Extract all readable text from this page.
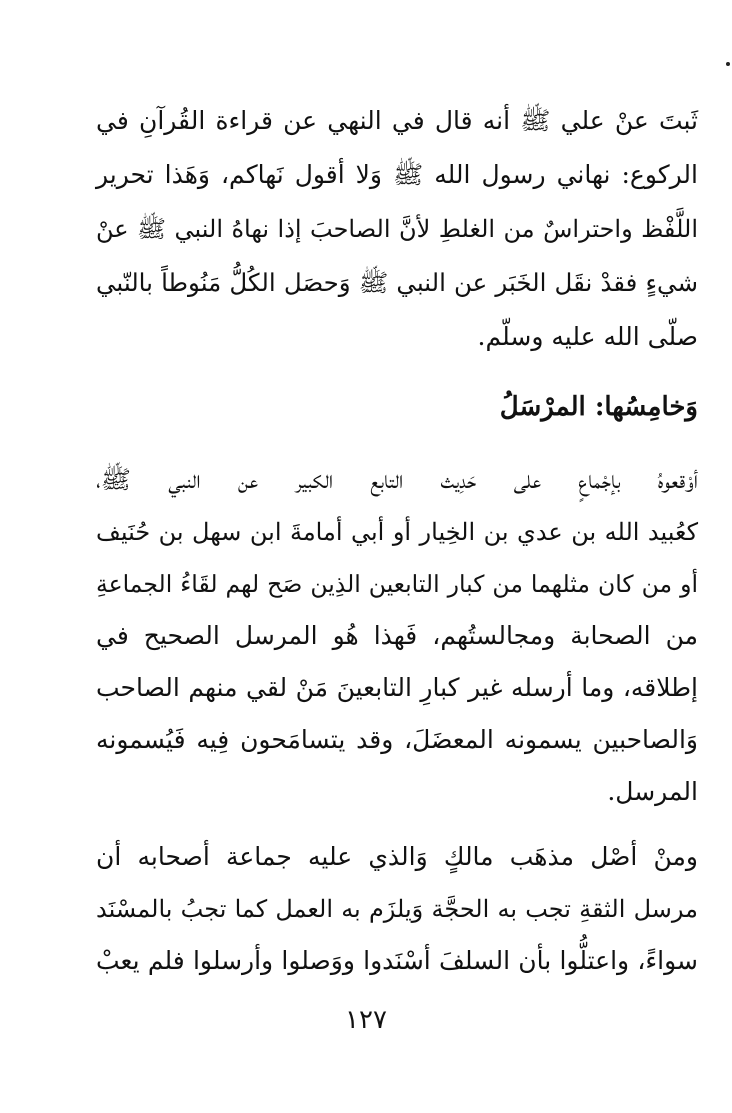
ثَبتَ عنْ علي ﷺ أنه قال في النهي عن قراءة القُرآنِ في
الركوع: نهاني رسول الله ﷺ وَلا أقول نَهاكم، وَهَذا تحرير
اللَّفْظ واحتراسٌ من الغلطِ لأنَّ الصاحبَ إذا نهاهُ النبي ﷺ عنْ
شيءٍ فقدْ نقَل الخَبَر عن النبي ﷺ وَحصَل الكُلُّ مَنُوطاً بالنّبي
صلّى الله عليه وسلّم.
وَخامِسُها: المرْسَلُ
أوْقعوهُ بإجْماعٍ على حَدِيث التابع الكبير عن النبي ﷺ،
كعُبيد الله بن عدي بن الخِيار أو أبي أمامةَ ابن سهل بن حُنَيف
أو من كان مثلهما من كبار التابعين الذِين صَح لهم لقَاءُ الجماعةِ
من الصحابة ومجالستُهم، فَهذا هُو المرسل الصحيح في
إطلاقه، وما أرسله غير كبارِ التابعينَ مَنْ لقي منهم الصاحب
وَالصاحبين يسمونه المعضَلَ، وقد يتسامَحون فِيه فَيُسمونه
المرسل.
ومنْ أصْل مذهَب مالكٍ وَالذي عليه جماعة أصحابه أن
مرسل الثقةِ تجب به الحجَّة وَيلزَم به العمل كما تجبُ بالمسْنَد
سواءً، واعتلُّوا بأن السلفَ أسْنَدوا ووَصلوا وأرسلوا فلم يعبْ
١٢٧
